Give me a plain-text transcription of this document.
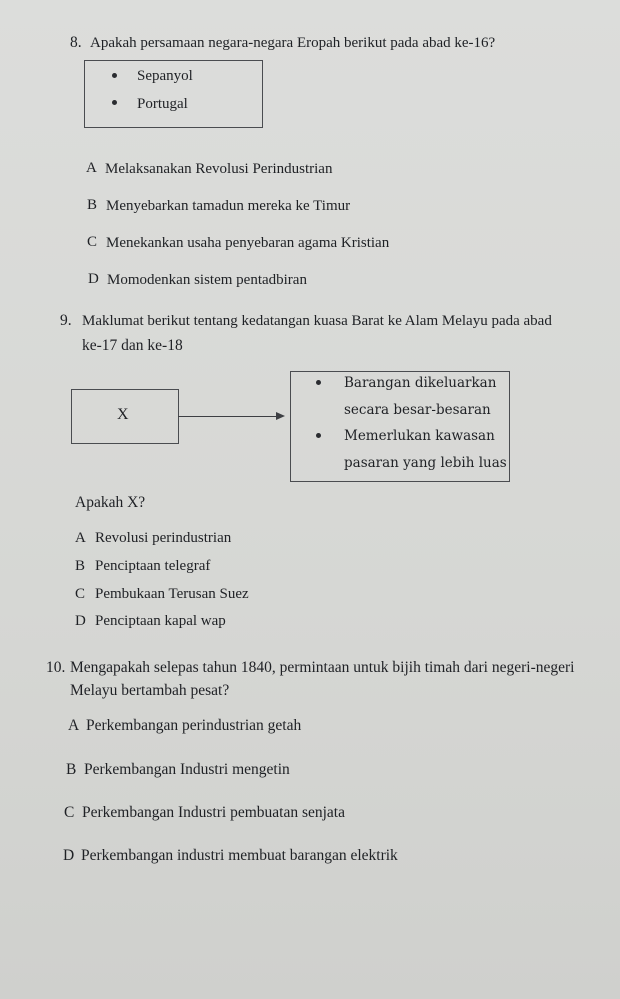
8. Apakah persamaan negara-negara Eropah berikut pada abad ke-16?
Sepanyol
Portugal
A Melaksanakan Revolusi Perindustrian
B Menyebarkan tamadun mereka ke Timur
C Menekankan usaha penyebaran agama Kristian
D Momodenkan sistem pentadbiran
9. Maklumat berikut tentang kedatangan kuasa Barat ke Alam Melayu pada abad
ke-17 dan ke-18
X
Barangan dikeluarkan
secara besar-besaran
Memerlukan kawasan
pasaran yang lebih luas
Apakah X?
A Revolusi perindustrian
B Penciptaan telegraf
C Pembukaan Terusan Suez
D Penciptaan kapal wap
10. Mengapakah selepas tahun 1840, permintaan untuk bijih timah dari negeri-negeri
Melayu bertambah pesat?
A Perkembangan perindustrian getah
B Perkembangan Industri mengetin
C Perkembangan Industri pembuatan senjata
D Perkembangan industri membuat barangan elektrik
